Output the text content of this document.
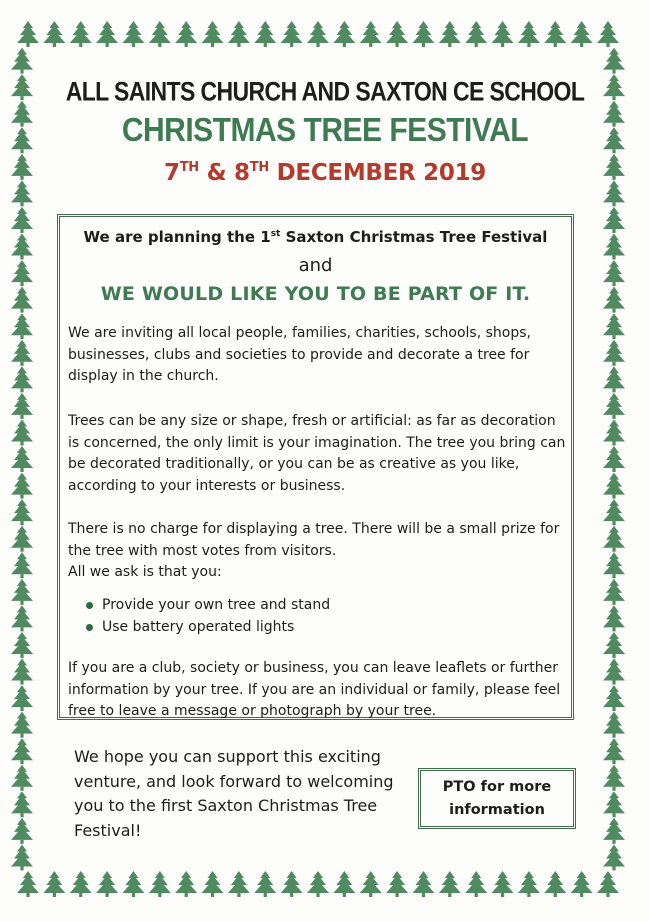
ALL SAINTS CHURCH AND SAXTON CE SCHOOL
CHRISTMAS TREE FESTIVAL
7TH & 8TH DECEMBER 2019
We are planning the 1st Saxton Christmas Tree Festival
and
WE WOULD LIKE YOU TO BE PART OF IT.

We are inviting all local people, families, charities, schools, shops, businesses, clubs and societies to provide and decorate a tree for display in the church.

Trees can be any size or shape, fresh or artificial: as far as decoration is concerned, the only limit is your imagination. The tree you bring can be decorated traditionally, or you can be as creative as you like, according to your interests or business.

There is no charge for displaying a tree. There will be a small prize for the tree with most votes from visitors.

All we ask is that you:

Provide your own tree and stand
Use battery operated lights

If you are a club, society or business, you can leave leaflets or further information by your tree. If you are an individual or family, please feel free to leave a message or photograph by your tree.

We hope you can support this exciting venture, and look forward to welcoming you to the first Saxton Christmas Tree Festival!

PTO for more information
